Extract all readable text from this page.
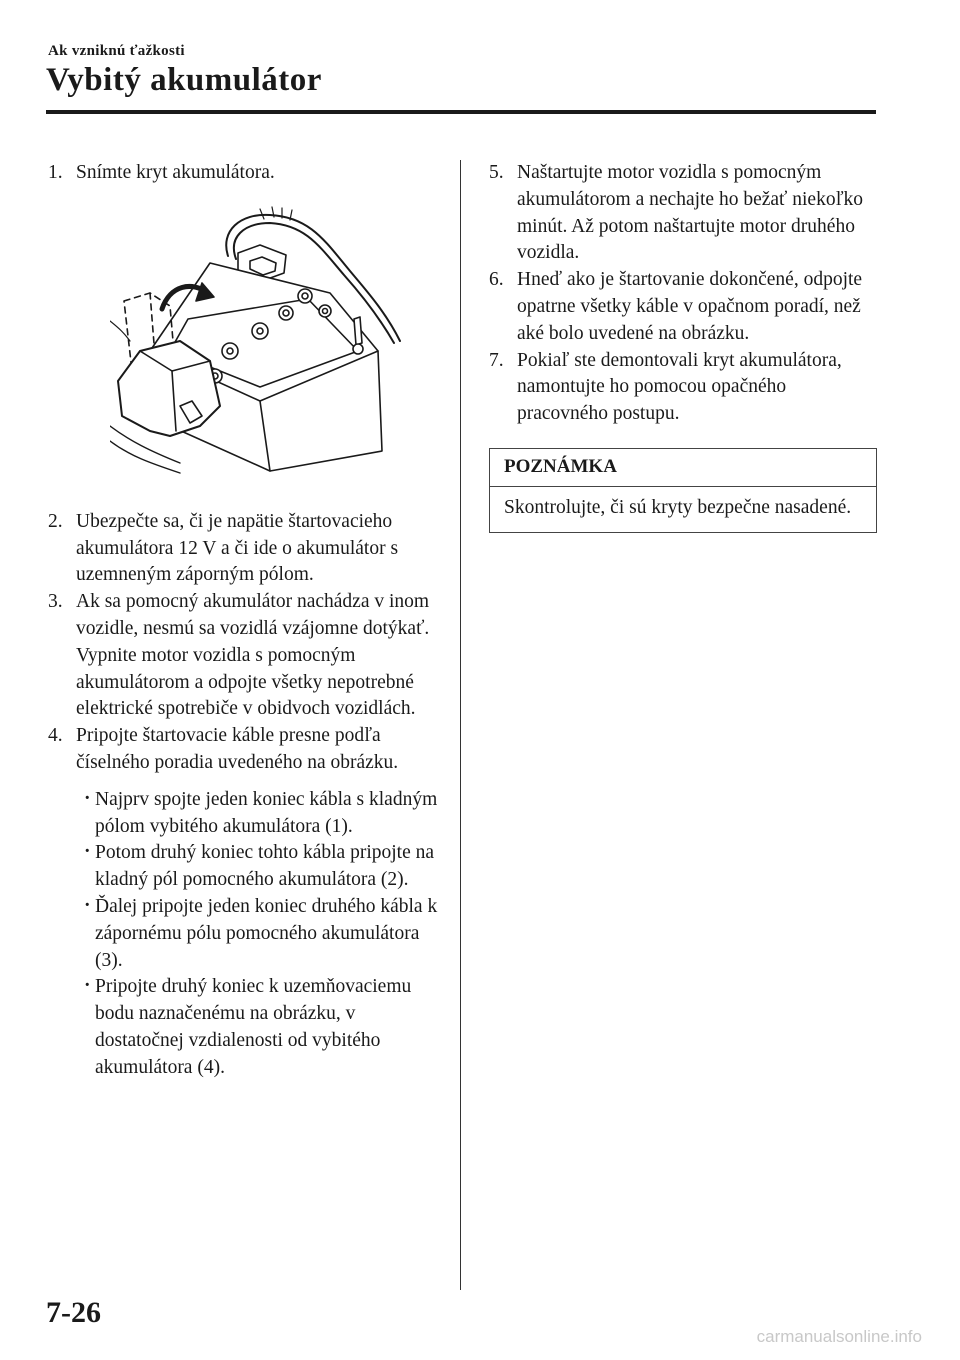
Ak vzniknú ťažkosti
Vybitý akumulátor

1. Snímte kryt akumulátora.

2. Ubezpečte sa, či je napätie štartovacieho akumulátora 12 V a či ide o akumulátor s uzemneným záporným pólom.

3. Ak sa pomocný akumulátor nachádza v inom vozidle, nesmú sa vozidlá vzájomne dotýkať. Vypnite motor vozidla s pomocným akumulátorom a odpojte všetky nepotrebné elektrické spotrebiče v obidvoch vozidlách.

4. Pripojte štartovacie káble presne podľa číselného poradia uvedeného na obrázku.

· Najprv spojte jeden koniec kábla s kladným pólom vybitého akumulátora (1).

· Potom druhý koniec tohto kábla pripojte na kladný pól pomocného akumulátora (2).

· Ďalej pripojte jeden koniec druhého kábla k zápornému pólu pomocného akumulátora (3).

· Pripojte druhý koniec k uzemňovaciemu bodu naznačenému na obrázku, v dostatočnej vzdialenosti od vybitého akumulátora (4).

5. Naštartujte motor vozidla s pomocným akumulátorom a nechajte ho bežať niekoľko minút. Až potom naštartujte motor druhého vozidla.

6. Hneď ako je štartovanie dokončené, odpojte opatrne všetky káble v opačnom poradí, než aké bolo uvedené na obrázku.

7. Pokiaľ ste demontovali kryt akumulátora, namontujte ho pomocou opačného pracovného postupu.

POZNÁMKA
Skontrolujte, či sú kryty bezpečne nasadené.
7-26
carmanualsonline.info
